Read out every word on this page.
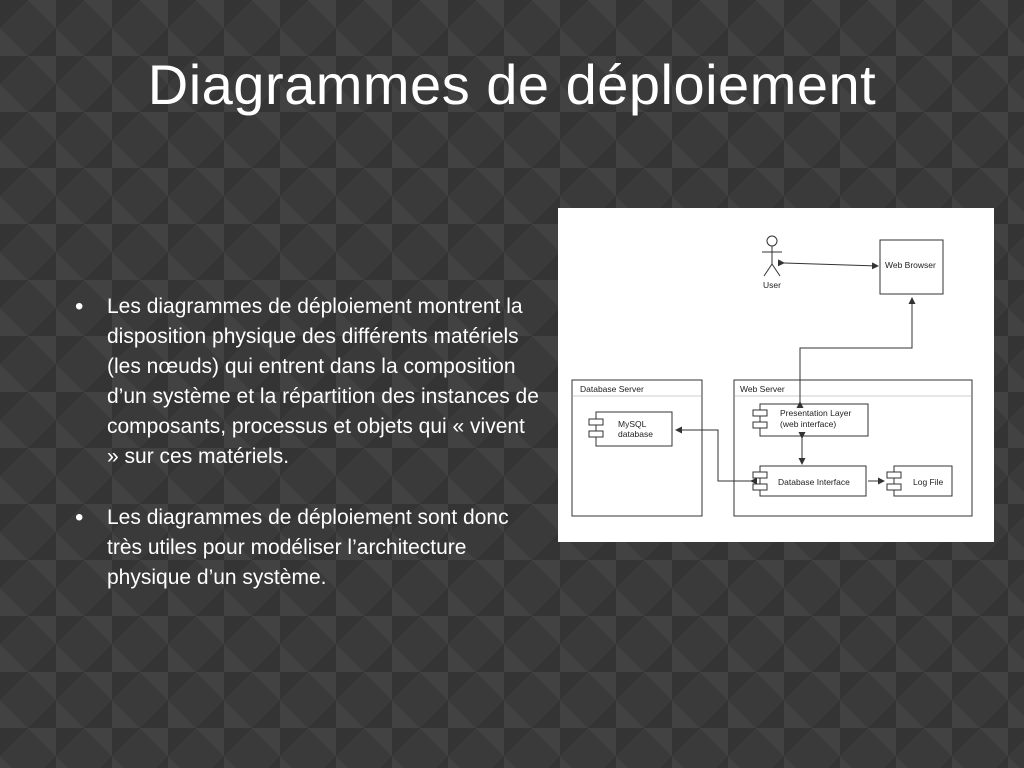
Diagrammes de déploiement
• Les diagrammes de déploiement montrent la disposition physique des différents matériels (les nœuds) qui entrent dans la composition d’un système et la répartition des instances de composants, processus et objets qui « vivent » sur ces matériels.
• Les diagrammes de déploiement sont donc très utiles pour modéliser l’architecture physique d’un système.
User
Web Browser
Database Server
MySQL
database
Web Server
Presentation Layer
(web interface)
Database Interface	Log File
